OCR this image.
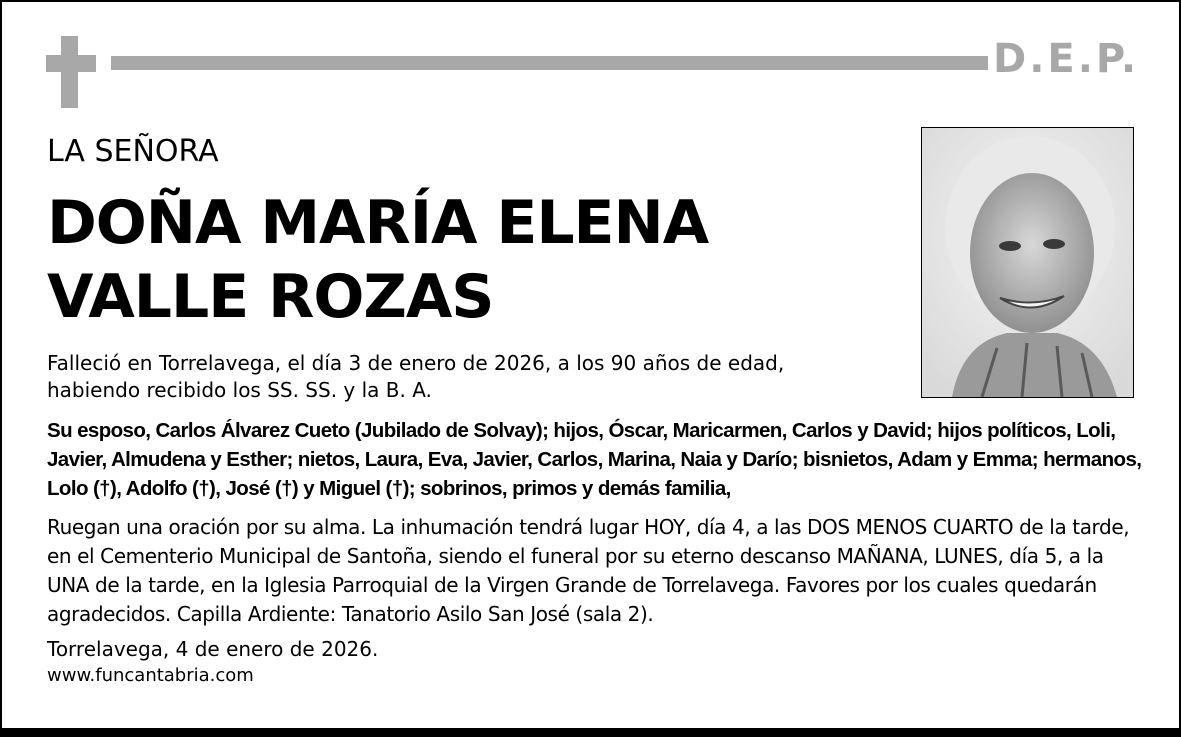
D.E.P.
LA SEÑORA
DOÑA MARÍA ELENA
VALLE ROZAS
Falleció en Torrelavega, el día 3 de enero de 2026, a los 90 años de edad,
habiendo recibido los SS. SS. y la B. A.
Su esposo, Carlos Álvarez Cueto (Jubilado de Solvay); hijos, Óscar, Maricarmen, Carlos y David; hijos políticos, Loli, Javier, Almudena y Esther; nietos, Laura, Eva, Javier, Carlos, Marina, Naia y Darío; bisnietos, Adam y Emma; hermanos, Lolo (†), Adolfo (†), José (†) y Miguel (†); sobrinos, primos y demás familia,
Ruegan una oración por su alma. La inhumación tendrá lugar HOY, día 4, a las DOS MENOS CUARTO de la tarde, en el Cementerio Municipal de Santoña, siendo el funeral por su eterno descanso MAÑANA, LUNES, día 5, a la UNA de la tarde, en la Iglesia Parroquial de la Virgen Grande de Torrelavega. Favores por los cuales quedarán agradecidos. Capilla Ardiente: Tanatorio Asilo San José (sala 2).
Torrelavega, 4 de enero de 2026.
www.funcantabria.com
